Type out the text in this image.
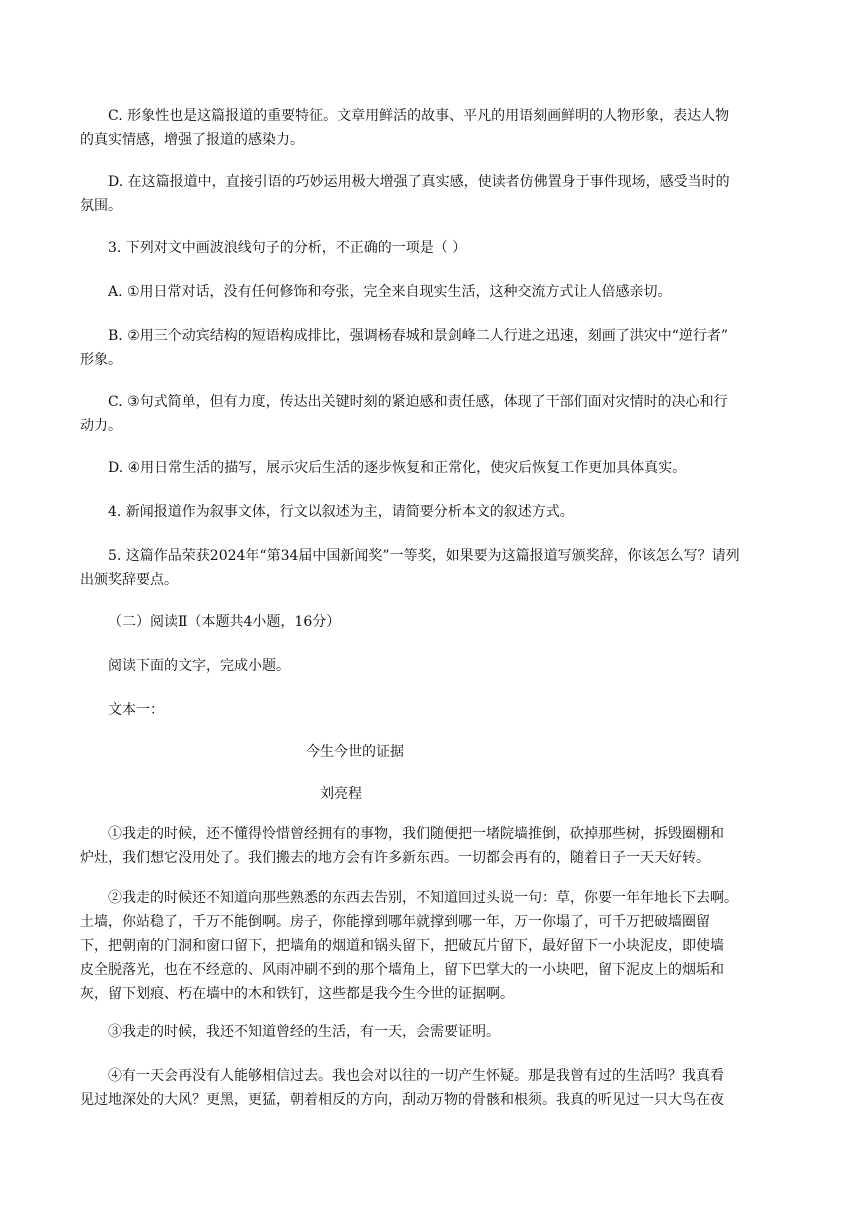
C. 形象性也是这篇报道的重要特征。文章用鲜活的故事、平凡的用语刻画鲜明的人物形象，表达人物
的真实情感，增强了报道的感染力。
D. 在这篇报道中，直接引语的巧妙运用极大增强了真实感，使读者仿佛置身于事件现场，感受当时的
氛围。
3. 下列对文中画波浪线句子的分析，不正确的一项是（ ）
A. ①用日常对话，没有任何修饰和夸张，完全来自现实生活，这种交流方式让人倍感亲切。
B. ②用三个动宾结构的短语构成排比，强调杨春城和景剑峰二人行进之迅速，刻画了洪灾中“逆行者”
形象。
C. ③句式简单，但有力度，传达出关键时刻的紧迫感和责任感，体现了干部们面对灾情时的决心和行
动力。
D. ④用日常生活的描写，展示灾后生活的逐步恢复和正常化，使灾后恢复工作更加具体真实。
4. 新闻报道作为叙事文体，行文以叙述为主，请简要分析本文的叙述方式。
5. 这篇作品荣获2024年“第34届中国新闻奖”一等奖，如果要为这篇报道写颁奖辞，你该怎么写？请列
出颁奖辞要点。
（二）阅读Ⅱ（本题共4小题，16分）
阅读下面的文字，完成小题。
文本一：
今生今世的证据
刘亮程
①我走的时候，还不懂得怜惜曾经拥有的事物，我们随便把一堵院墙推倒，砍掉那些树，拆毁圈棚和
炉灶，我们想它没用处了。我们搬去的地方会有许多新东西。一切都会再有的，随着日子一天天好转。
②我走的时候还不知道向那些熟悉的东西去告别，不知道回过头说一句：草，你要一年年地长下去啊。
土墙，你站稳了，千万不能倒啊。房子，你能撑到哪年就撑到哪一年，万一你塌了，可千万把破墙圈留
下，把朝南的门洞和窗口留下，把墙角的烟道和锅头留下，把破瓦片留下，最好留下一小块泥皮，即使墙
皮全脱落光，也在不经意的、风雨冲刷不到的那个墙角上，留下巴掌大的一小块吧，留下泥皮上的烟垢和
灰，留下划痕、朽在墙中的木和铁钉，这些都是我今生今世的证据啊。
③我走的时候，我还不知道曾经的生活，有一天，会需要证明。
④有一天会再没有人能够相信过去。我也会对以往的一切产生怀疑。那是我曾有过的生活吗？我真看
见过地深处的大风？更黑，更猛，朝着相反的方向，刮动万物的骨骸和根须。我真的听见过一只大鸟在夜
